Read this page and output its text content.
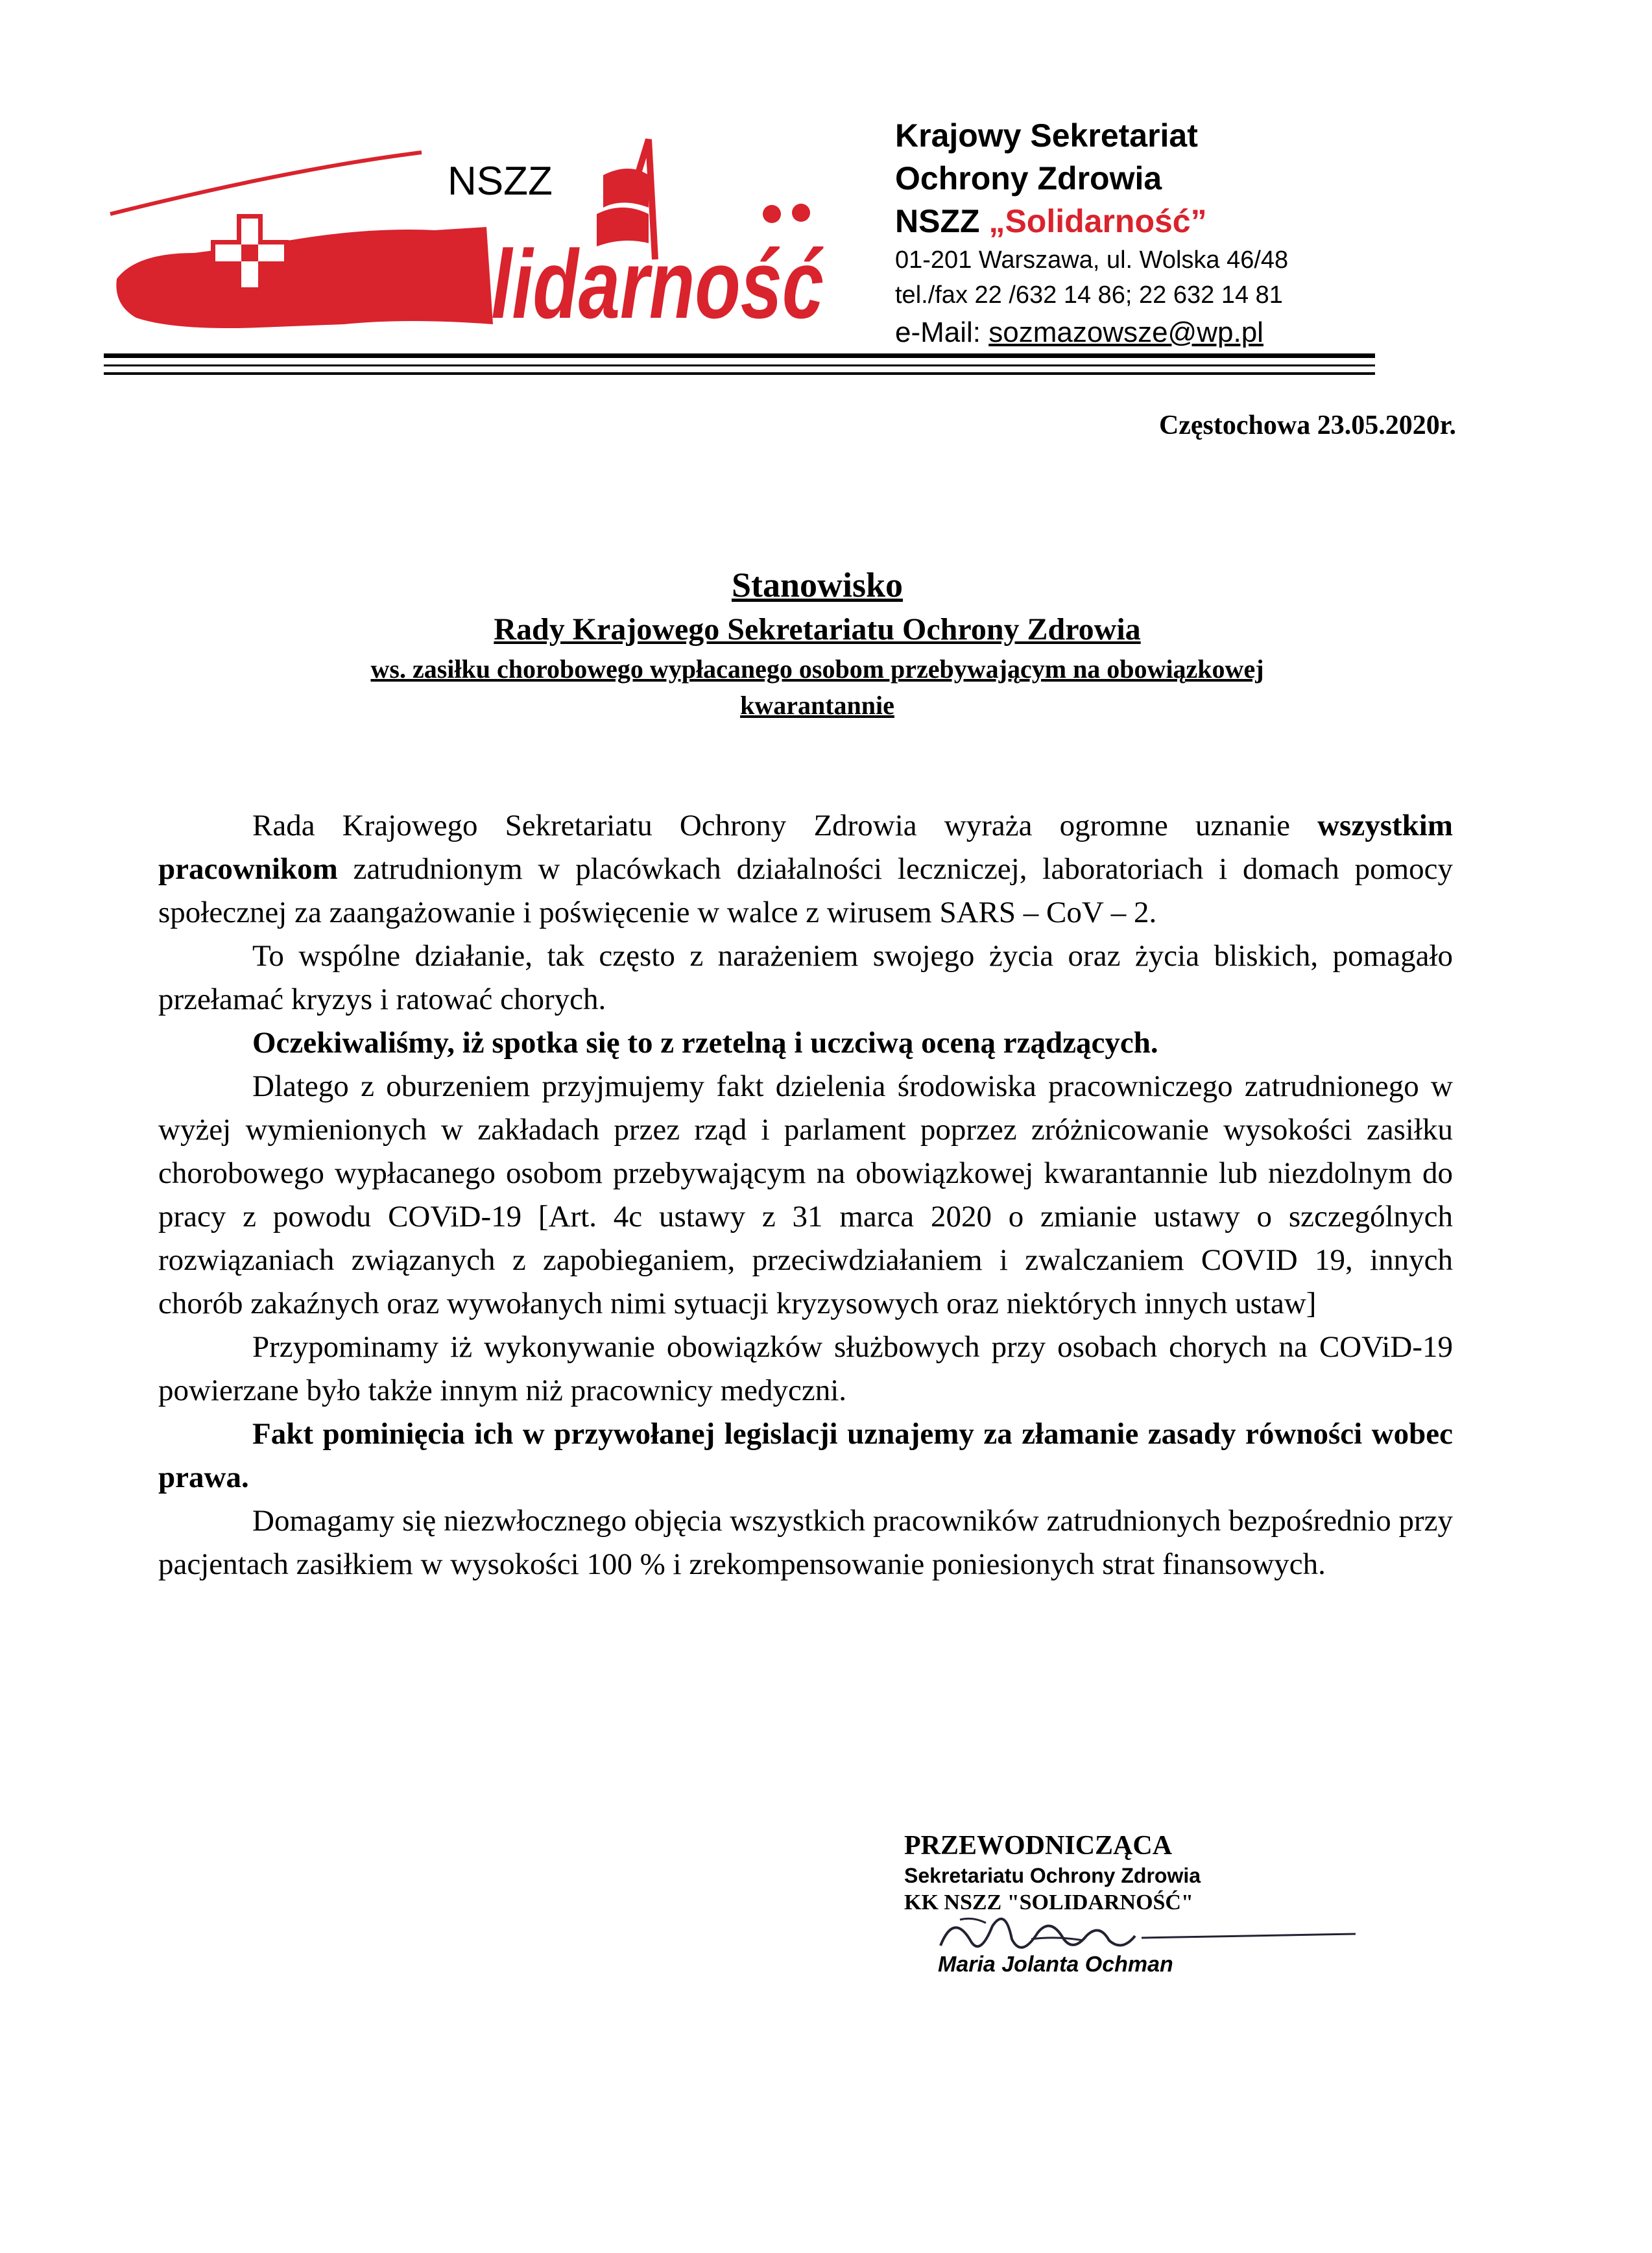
NSZZ
Solidarność
Krajowy Sekretariat
Ochrony Zdrowia
NSZZ „Solidarność”
01-201 Warszawa, ul. Wolska 46/48
tel./fax 22 /632 14 86; 22 632 14 81
e-Mail: sozmazowsze@wp.pl
Częstochowa 23.05.2020r.
Stanowisko
Rady Krajowego Sekretariatu Ochrony Zdrowia
ws. zasiłku chorobowego wypłacanego osobom przebywającym na obowiązkowej
kwarantannie

Rada Krajowego Sekretariatu Ochrony Zdrowia wyraża ogromne uznanie wszystkim pracownikom zatrudnionym w placówkach działalności leczniczej, laboratoriach i domach pomocy społecznej za zaangażowanie i poświęcenie w walce z wirusem SARS – CoV – 2.

To wspólne działanie, tak często z narażeniem swojego życia oraz życia bliskich, pomagało przełamać kryzys i ratować chorych.

Oczekiwaliśmy, iż spotka się to z rzetelną i uczciwą oceną rządzących.

Dlatego z oburzeniem przyjmujemy fakt dzielenia środowiska pracowniczego zatrudnionego w wyżej wymienionych w zakładach przez rząd i parlament poprzez zróżnicowanie wysokości zasiłku chorobowego wypłacanego osobom przebywającym na obowiązkowej kwarantannie lub niezdolnym do pracy z powodu COViD-19 [Art. 4c ustawy z 31 marca 2020 o zmianie ustawy o szczególnych rozwiązaniach związanych z zapobieganiem, przeciwdziałaniem i zwalczaniem COVID 19, innych chorób zakaźnych oraz wywołanych nimi sytuacji kryzysowych oraz niektórych innych ustaw]

Przypominamy iż wykonywanie obowiązków służbowych przy osobach chorych na COViD-19 powierzane było także innym niż pracownicy medyczni.

Fakt pominięcia ich w przywołanej legislacji uznajemy za złamanie zasady równości wobec prawa.

Domagamy się niezwłocznego objęcia wszystkich pracowników zatrudnionych bezpośrednio przy pacjentach zasiłkiem w wysokości 100 % i zrekompensowanie poniesionych strat finansowych.

PRZEWODNICZĄCA
Sekretariatu Ochrony Zdrowia
KK NSZZ "SOLIDARNOŚĆ"
Maria Jolanta Ochman
